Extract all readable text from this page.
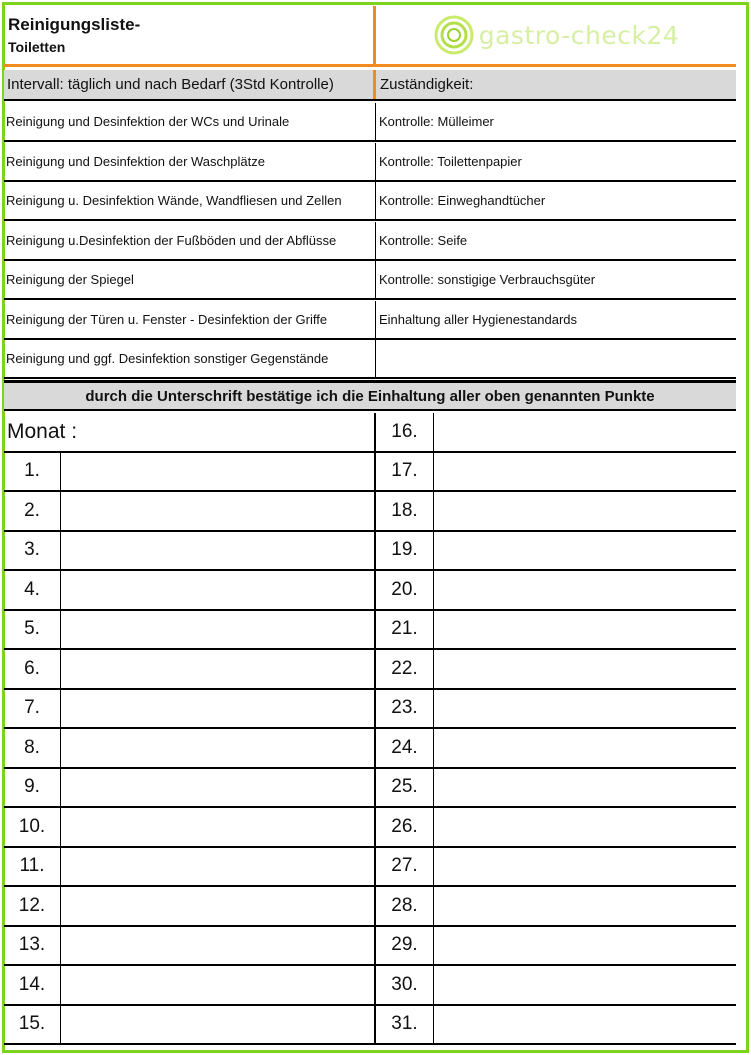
Reinigungsliste-
Toiletten	gastro-check24
Intervall: täglich und nach Bedarf (3Std Kontrolle)	Zuständigkeit:
Reinigung und Desinfektion der WCs und Urinale	Kontrolle: Mülleimer
Reinigung und Desinfektion der Waschplätze	Kontrolle: Toilettenpapier
Reinigung u. Desinfektion Wände, Wandfliesen und Zellen	Kontrolle: Einweghandtücher
Reinigung u.Desinfektion der Fußböden und der Abflüsse	Kontrolle: Seife
Reinigung der Spiegel	Kontrolle: sonstigige Verbrauchsgüter
Reinigung der Türen u. Fenster - Desinfektion der Griffe	Einhaltung aller Hygienestandards
Reinigung und ggf. Desinfektion sonstiger Gegenstände
durch die Unterschrift bestätige ich die Einhaltung aller oben genannten Punkte
Monat :	16.
1.	17.
2.	18.
3.	19.
4.	20.
5.	21.
6.	22.
7.	23.
8.	24.
9.	25.
10.	26.
11.	27.
12.	28.
13.	29.
14.	30.
15.	31.
